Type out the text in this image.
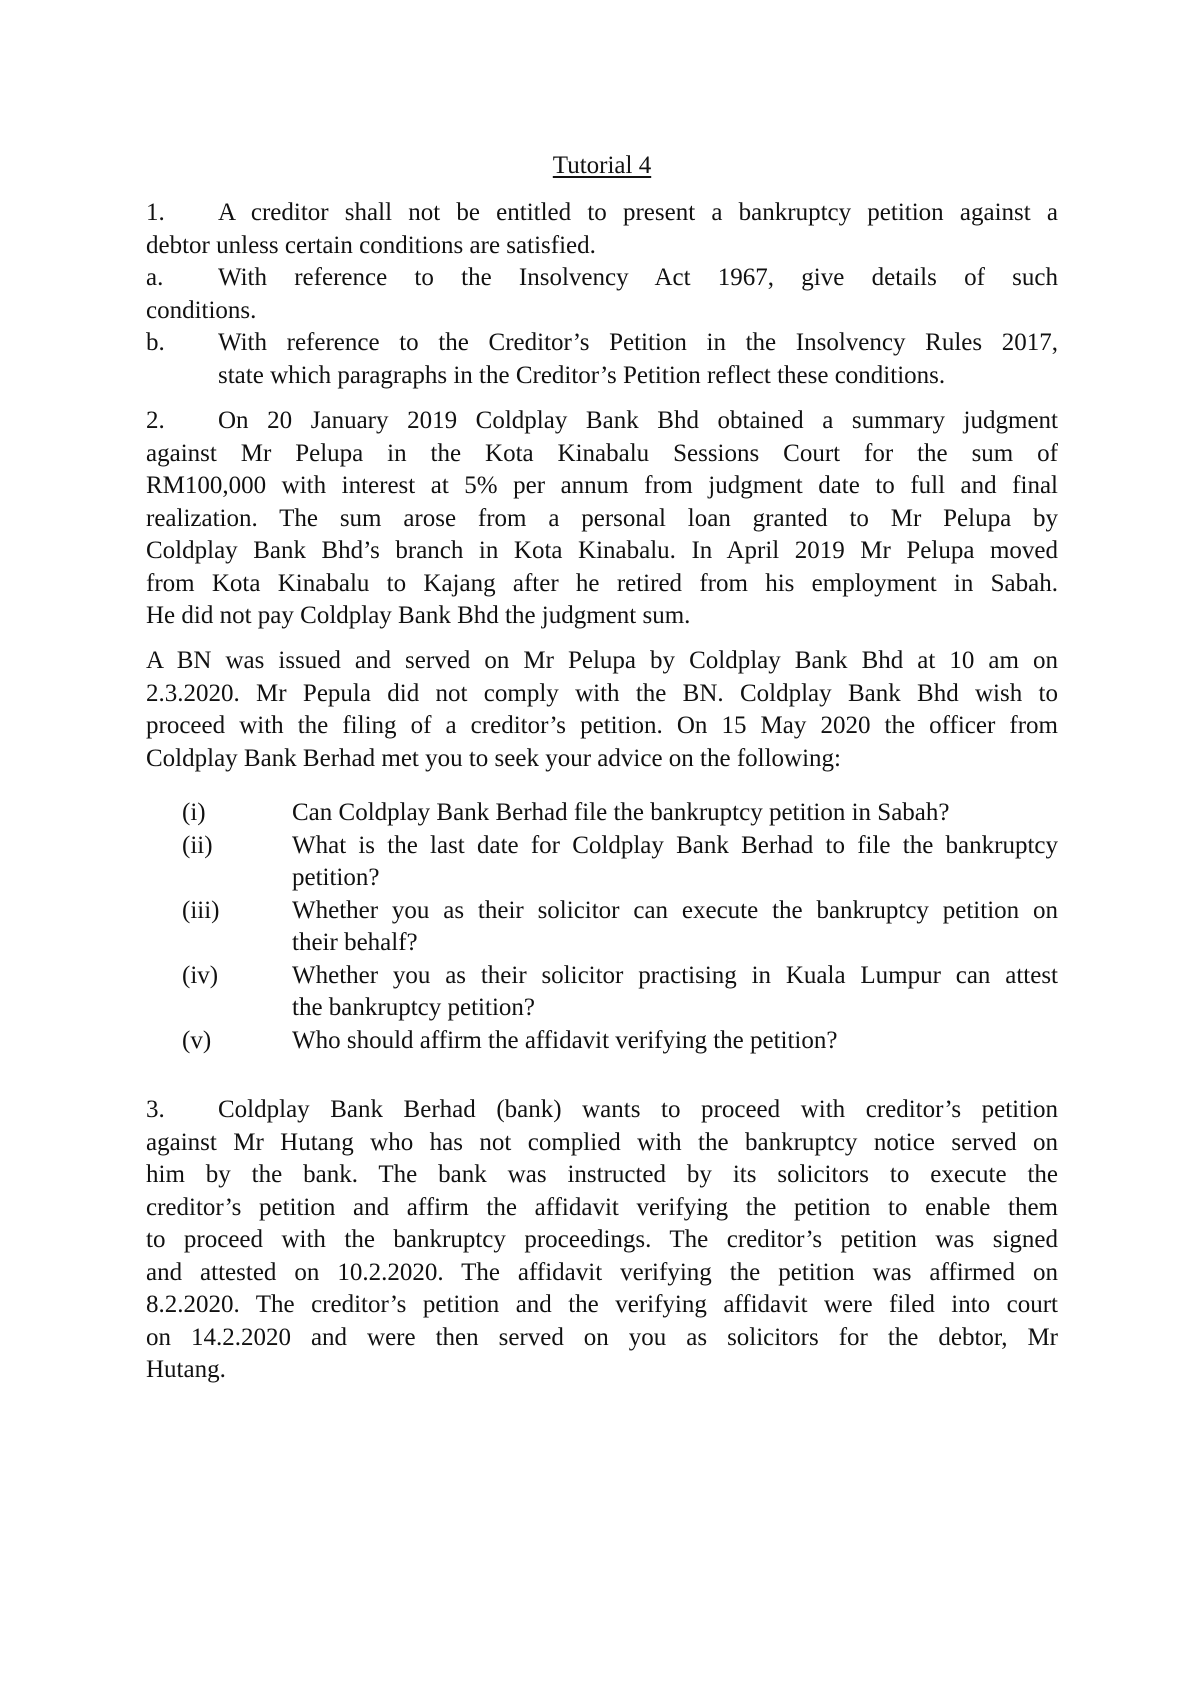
Tutorial 4
1. A creditor shall not be entitled to present a bankruptcy petition against a
debtor unless certain conditions are satisfied.
a. With reference to the Insolvency Act 1967, give details of such
conditions.
b. With reference to the Creditor’s Petition in the Insolvency Rules 2017,
state which paragraphs in the Creditor’s Petition reflect these conditions.
2. On 20 January 2019 Coldplay Bank Bhd obtained a summary judgment
against Mr Pelupa in the Kota Kinabalu Sessions Court for the sum of
RM100,000 with interest at 5% per annum from judgment date to full and final
realization. The sum arose from a personal loan granted to Mr Pelupa by
Coldplay Bank Bhd’s branch in Kota Kinabalu. In April 2019 Mr Pelupa moved
from Kota Kinabalu to Kajang after he retired from his employment in Sabah.
He did not pay Coldplay Bank Bhd the judgment sum.
A BN was issued and served on Mr Pelupa by Coldplay Bank Bhd at 10 am on
2.3.2020. Mr Pepula did not comply with the BN. Coldplay Bank Bhd wish to
proceed with the filing of a creditor’s petition. On 15 May 2020 the officer from
Coldplay Bank Berhad met you to seek your advice on the following:
(i)	Can Coldplay Bank Berhad file the bankruptcy petition in Sabah?
(ii)	What is the last date for Coldplay Bank Berhad to file the bankruptcy
petition?
(iii)	Whether you as their solicitor can execute the bankruptcy petition on
their behalf?
(iv)	Whether you as their solicitor practising in Kuala Lumpur can attest
the bankruptcy petition?
(v)	Who should affirm the affidavit verifying the petition?
3. Coldplay Bank Berhad (bank) wants to proceed with creditor’s petition
against Mr Hutang who has not complied with the bankruptcy notice served on
him by the bank. The bank was instructed by its solicitors to execute the
creditor’s petition and affirm the affidavit verifying the petition to enable them
to proceed with the bankruptcy proceedings. The creditor’s petition was signed
and attested on 10.2.2020. The affidavit verifying the petition was affirmed on
8.2.2020. The creditor’s petition and the verifying affidavit were filed into court
on 14.2.2020 and were then served on you as solicitors for the debtor, Mr
Hutang.
